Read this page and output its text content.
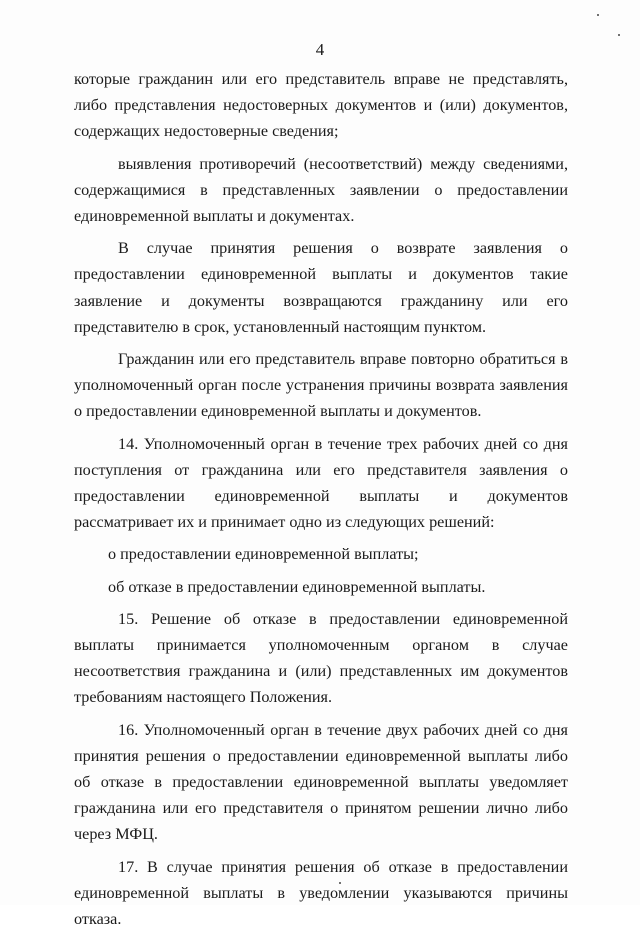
4

которые гражданин или его представитель вправе не представлять, либо представления недостоверных документов и (или) документов, содержащих недостоверные сведения;

выявления противоречий (несоответствий) между сведениями, содержащимися в представленных заявлении о предоставлении единовременной выплаты и документах.

В случае принятия решения о возврате заявления о предоставлении единовременной выплаты и документов такие заявление и документы возвращаются гражданину или его представителю в срок, установленный настоящим пунктом.

Гражданин или его представитель вправе повторно обратиться в уполномоченный орган после устранения причины возврата заявления о предоставлении единовременной выплаты и документов.

14. Уполномоченный орган в течение трех рабочих дней со дня поступления от гражданина или его представителя заявления о предоставлении единовременной выплаты и документов рассматривает их и принимает одно из следующих решений:

о предоставлении единовременной выплаты;

об отказе в предоставлении единовременной выплаты.

15. Решение об отказе в предоставлении единовременной выплаты принимается уполномоченным органом в случае несоответствия гражданина и (или) представленных им документов требованиям настоящего Положения.

16. Уполномоченный орган в течение двух рабочих дней со дня принятия решения о предоставлении единовременной выплаты либо об отказе в предоставлении единовременной выплаты уведомляет гражданина или его представителя о принятом решении лично либо через МФЦ.

17. В случае принятия решения об отказе в предоставлении единовременной выплаты в уведомлении указываются причины отказа.
